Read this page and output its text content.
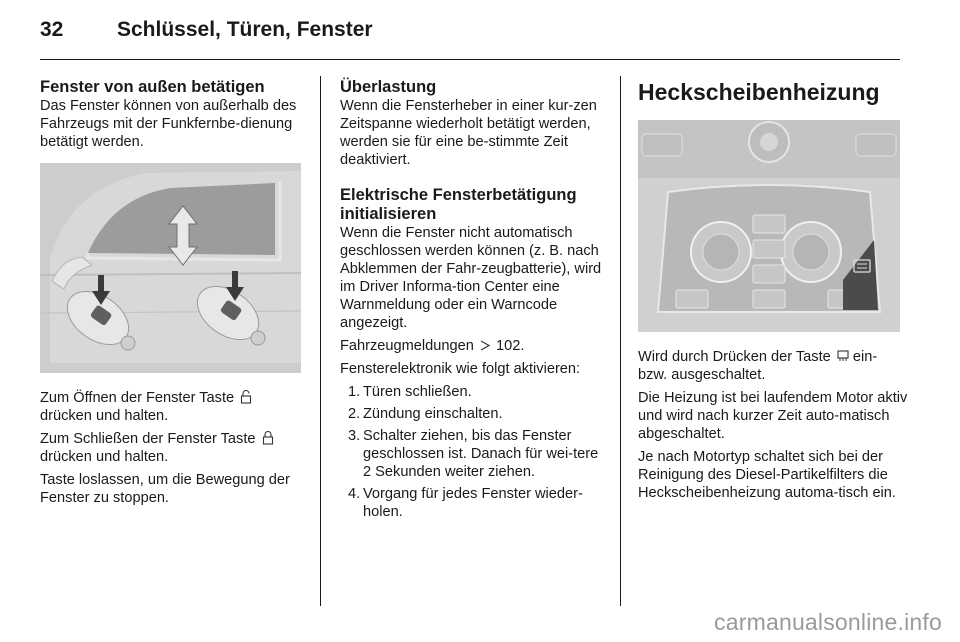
32	Schlüssel, Türen, Fenster
Fenster von außen betätigen

Das Fenster können von außerhalb des Fahrzeugs mit der Funkfernbe-dienung betätigt werden.

Zum Öffnen der Fenster Taste
drücken und halten.

Zum Schließen der Fenster Taste
drücken und halten.

Taste loslassen, um die Bewegung der Fenster zu stoppen.

Überlastung

Wenn die Fensterheber in einer kur-zen Zeitspanne wiederholt betätigt werden, werden sie für eine be-stimmte Zeit deaktiviert.

Elektrische Fensterbetätigung initialisieren

Wenn die Fenster nicht automatisch geschlossen werden können (z. B. nach Abklemmen der Fahr-zeugbatterie), wird im Driver Informa-tion Center eine Warnmeldung oder ein Warncode angezeigt.

Fahrzeugmeldungen 102.

Fensterelektronik wie folgt aktivieren:

1. Türen schließen.
2. Zündung einschalten.
3. Schalter ziehen, bis das Fenster geschlossen ist. Danach für wei-tere 2 Sekunden weiter ziehen.
4. Vorgang für jedes Fenster wieder-holen.
Heckscheibenheizung

Wird durch Drücken der Taste ein- bzw. ausgeschaltet.

Die Heizung ist bei laufendem Motor aktiv und wird nach kurzer Zeit auto-matisch abgeschaltet.

Je nach Motortyp schaltet sich bei der Reinigung des Diesel-Partikelfilters die Heckscheibenheizung automa-tisch ein.

carmanualsonline.info
